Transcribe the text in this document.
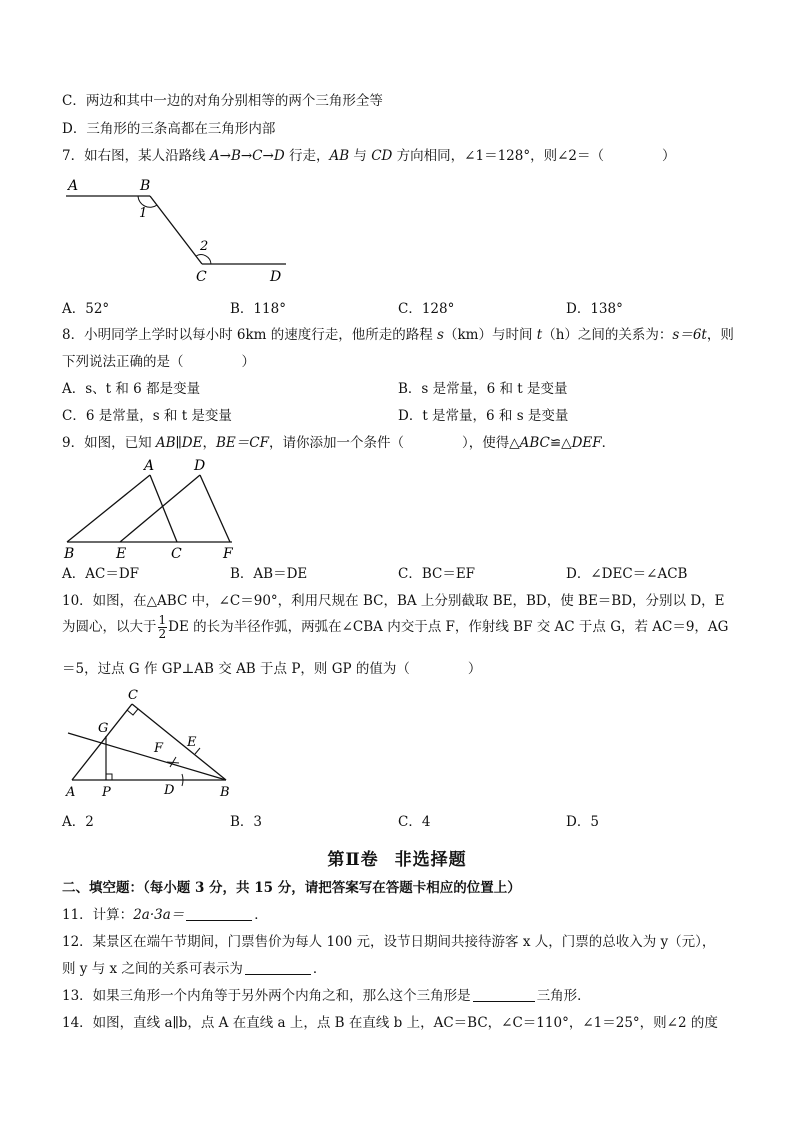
C．两边和其中一边的对角分别相等的两个三角形全等
D．三角形的三条高都在三角形内部
7．如右图，某人沿路线 A→B→C→D 行走，AB 与 CD 方向相同，∠1＝128°，则∠2＝（	）
A	B
1
2
C	D
A．52°	B．118°	C．128°	D．138°
8．小明同学上学时以每小时 6km 的速度行走，他所走的路程 s（km）与时间 t（h）之间的关系为：s＝6t，则
下列说法正确的是（	）
A．s、t 和 6 都是变量	B．s 是常量，6 和 t 是变量
C．6 是常量，s 和 t 是变量	D．t 是常量，6 和 s 是变量
9．如图，已知 AB∥DE，BE＝CF，请你添加一个条件（	），使得△ABC≌△DEF．
A	D
B	E	C	F
A．AC＝DF	B．AB＝DE	C．BC＝EF	D．∠DEC＝∠ACB
10．如图，在△ABC 中，∠C＝90°，利用尺规在 BC，BA 上分别截取 BE，BD，使 BE＝BD，分别以 D，E
为圆心，以大于 $\frac{1}{2}$ DE 的长为半径作弧，两弧在∠CBA 内交于点 F，作射线 BF 交 AC 于点 G，若 AC＝9，AG
＝5，过点 G 作 GP⊥AB 交 AB 于点 P，则 GP 的值为（	）
C
G
F E
A P	D	B
A．2	B．3	C．4	D．5
第Ⅱ卷 非选择题
二、填空题：（每小题 3 分，共 15 分，请把答案写在答题卡相应的位置上）
11．计算：2a·3a＝	．
12．某景区在端午节期间，门票售价为每人 100 元，设节日期间共接待游客 x 人，门票的总收入为 y（元），
则 y 与 x 之间的关系可表示为	．
13．如果三角形一个内角等于另外两个内角之和，那么这个三角形是	三角形．
14．如图，直线 a∥b，点 A 在直线 a 上，点 B 在直线 b 上，AC＝BC，∠C＝110°，∠1＝25°，则∠2 的度
